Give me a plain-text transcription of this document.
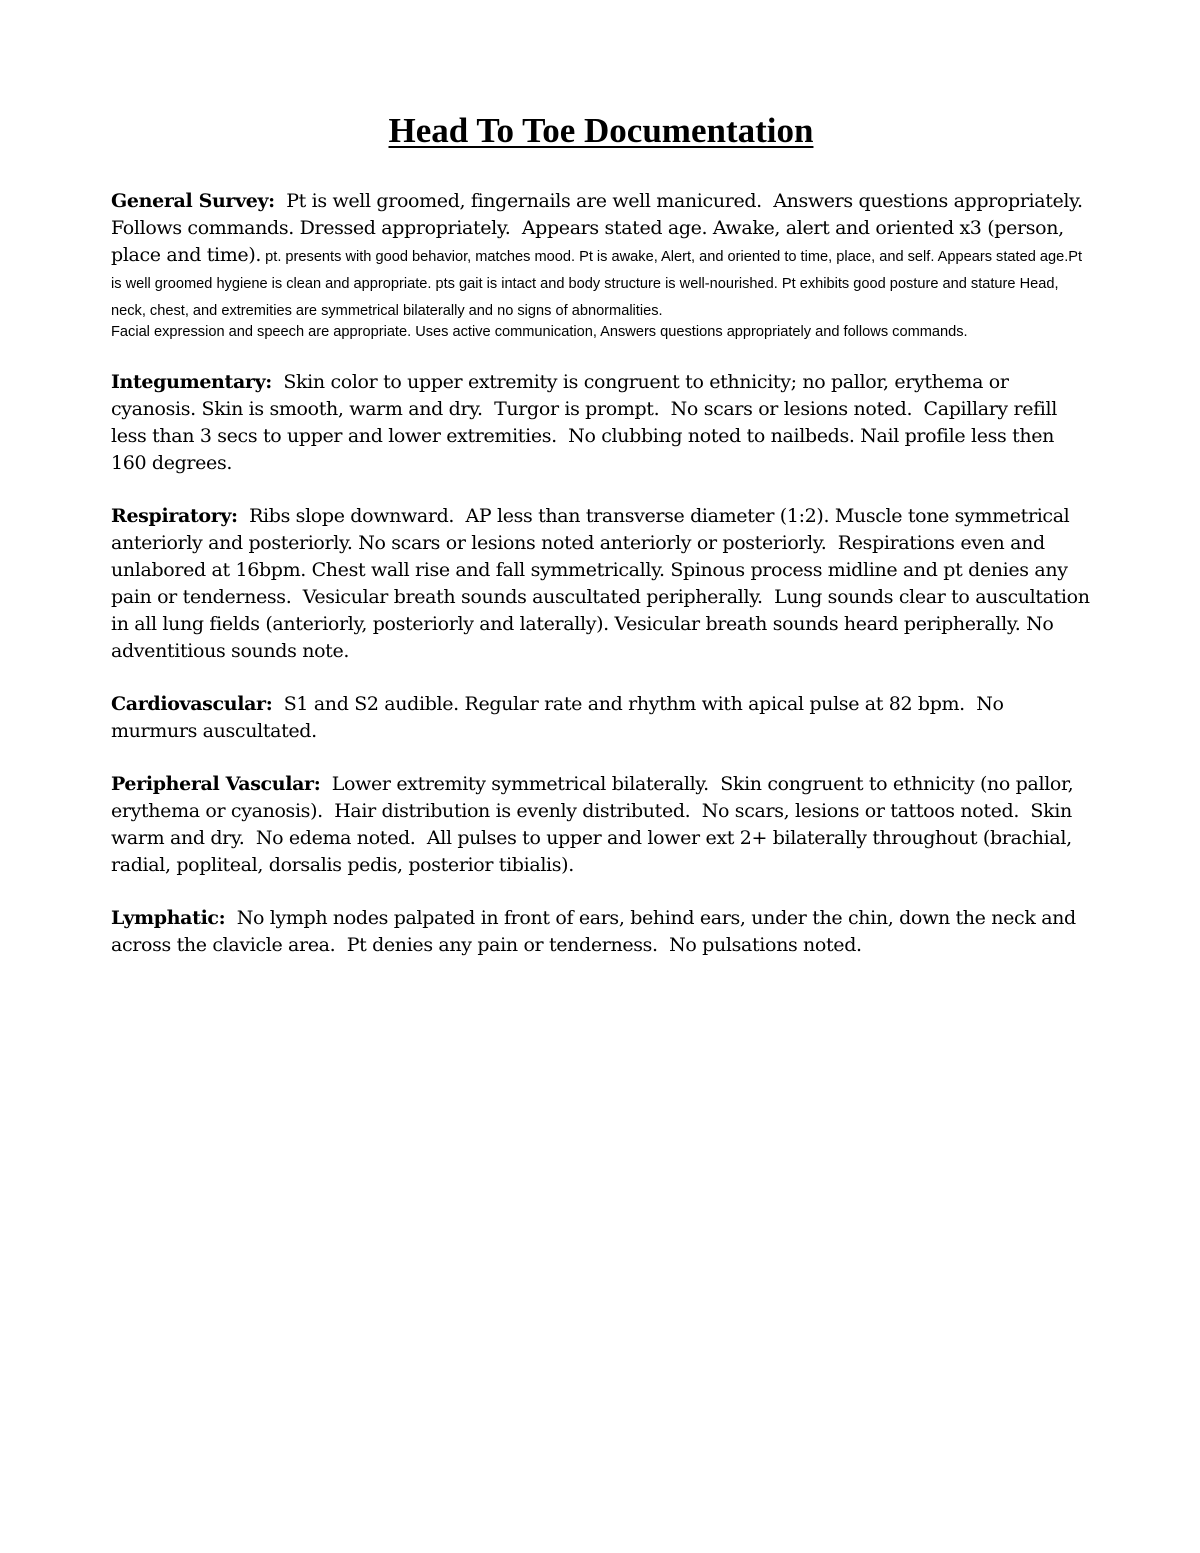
Head To Toe Documentation

General Survey:  Pt is well groomed, fingernails are well manicured.  Answers questions appropriately.  Follows commands. Dressed appropriately.  Appears stated age. Awake, alert and oriented x3 (person, place and time). pt. presents with good behavior, matches mood. Pt is awake, Alert, and oriented to time, place, and self. Appears stated age.Pt is well groomed hygiene is clean and appropriate. pts gait is intact and body structure is well-nourished. Pt exhibits good posture and stature Head, neck, chest, and extremities are symmetrical bilaterally and no signs of abnormalities.
Facial expression and speech are appropriate. Uses active communication, Answers questions appropriately and follows commands.

Integumentary:  Skin color to upper extremity is congruent to ethnicity; no pallor, erythema or cyanosis. Skin is smooth, warm and dry.  Turgor is prompt.  No scars or lesions noted.  Capillary refill less than 3 secs to upper and lower extremities.  No clubbing noted to nailbeds. Nail profile less then 160 degrees.

Respiratory:  Ribs slope downward.  AP less than transverse diameter (1:2). Muscle tone symmetrical anteriorly and posteriorly. No scars or lesions noted anteriorly or posteriorly.  Respirations even and unlabored at 16bpm. Chest wall rise and fall symmetrically. Spinous process midline and pt denies any pain or tenderness.  Vesicular breath sounds auscultated peripherally.  Lung sounds clear to auscultation in all lung fields (anteriorly, posteriorly and laterally). Vesicular breath sounds heard peripherally. No adventitious sounds note.

Cardiovascular:  S1 and S2 audible. Regular rate and rhythm with apical pulse at 82 bpm.  No murmurs auscultated.

Peripheral Vascular:  Lower extremity symmetrical bilaterally.  Skin congruent to ethnicity (no pallor, erythema or cyanosis).  Hair distribution is evenly distributed.  No scars, lesions or tattoos noted.  Skin warm and dry.  No edema noted.  All pulses to upper and lower ext 2+ bilaterally throughout (brachial, radial, popliteal, dorsalis pedis, posterior tibialis).

Lymphatic:  No lymph nodes palpated in front of ears, behind ears, under the chin, down the neck and across the clavicle area.  Pt denies any pain or tenderness.  No pulsations noted.
